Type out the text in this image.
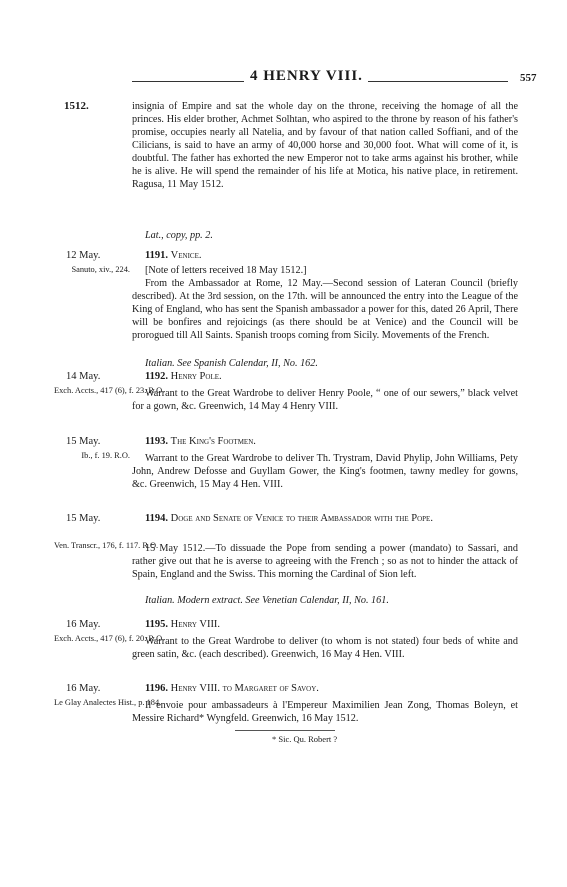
4 HENRY VIII.	557
1512.	insignia of Empire and sat the whole day on the throne, receiving the homage of all the princes. His elder brother, Achmet Solhtan, who aspired to the throne by reason of his father's promise, occupies nearly all Natelia, and by favour of that nation called Soffiani, and of the Cilicians, is said to have an army of 40,000 horse and 30,000 foot. What will come of it, is doubtful. The father has exhorted the new Emperor not to take arms against his brother, while he is alive. He will spend the remainder of his life at Motica, his native place, in retirement. Ragusa, 11 May 1512.
Lat., copy, pp. 2.
12 May.
Sanuto, xiv., 224.
1191. Venice.

[Note of letters received 18 May 1512.]

From the Ambassador at Rome, 12 May.—Second session of Lateran Council (briefly described). At the 3rd session, on the 17th. will be announced the entry into the League of the King of England, who has sent the Spanish ambassador a power for this, dated 26 April, There will be bonfires and rejoicings (as there should be at Venice) and the Council will be prorogued till All Saints. Spanish troops coming from Sicily. Movements of the French.

Italian. See Spanish Calendar, II, No. 162.
14 May.
Exch. Accts., 417 (6), f. 23. R.O.
1192. Henry Pole.

Warrant to the Great Wardrobe to deliver Henry Poole, “ one of our sewers,” black velvet for a gown, &c. Greenwich, 14 May 4 Henry VIII.

15 May.
Ib., f. 19. R.O.
1193. The King's Footmen.

Warrant to the Great Wardrobe to deliver Th. Trystram, David Phylip, John Williams, Pety John, Andrew Defosse and Guyllam Gower, the King's footmen, tawny medley for gowns, &c. Greenwich, 15 May 4 Hen. VIII.

15 May.
Ven. Transcr., 176, f. 117. R.O.
1194. Doge and Senate of Venice to their Ambassador with the Pope.

15 May 1512.—To dissuade the Pope from sending a power (mandato) to Sassari, and rather give out that he is averse to agreeing with the French ; so as not to hinder the attack of Spain, England and the Swiss. This morning the Cardinal of Sion left.

Italian. Modern extract. See Venetian Calendar, II, No. 161.
16 May.
Exch. Accts., 417 (6), f. 20. R.O.
1195. Henry VIII.

Warrant to the Great Wardrobe to deliver (to whom is not stated) four beds of white and green satin, &c. (each described). Greenwich, 16 May 4 Hen. VIII.

16 May.
Le Glay Analectes Hist., p. 184.
1196. Henry VIII. to Margaret of Savoy.

Il envoie pour ambassadeurs à l'Empereur Maximilien Jean Zong, Thomas Boleyn, et Messire Richard* Wyngfeld. Greenwich, 16 May 1512.

* Sic. Qu. Robert ?
